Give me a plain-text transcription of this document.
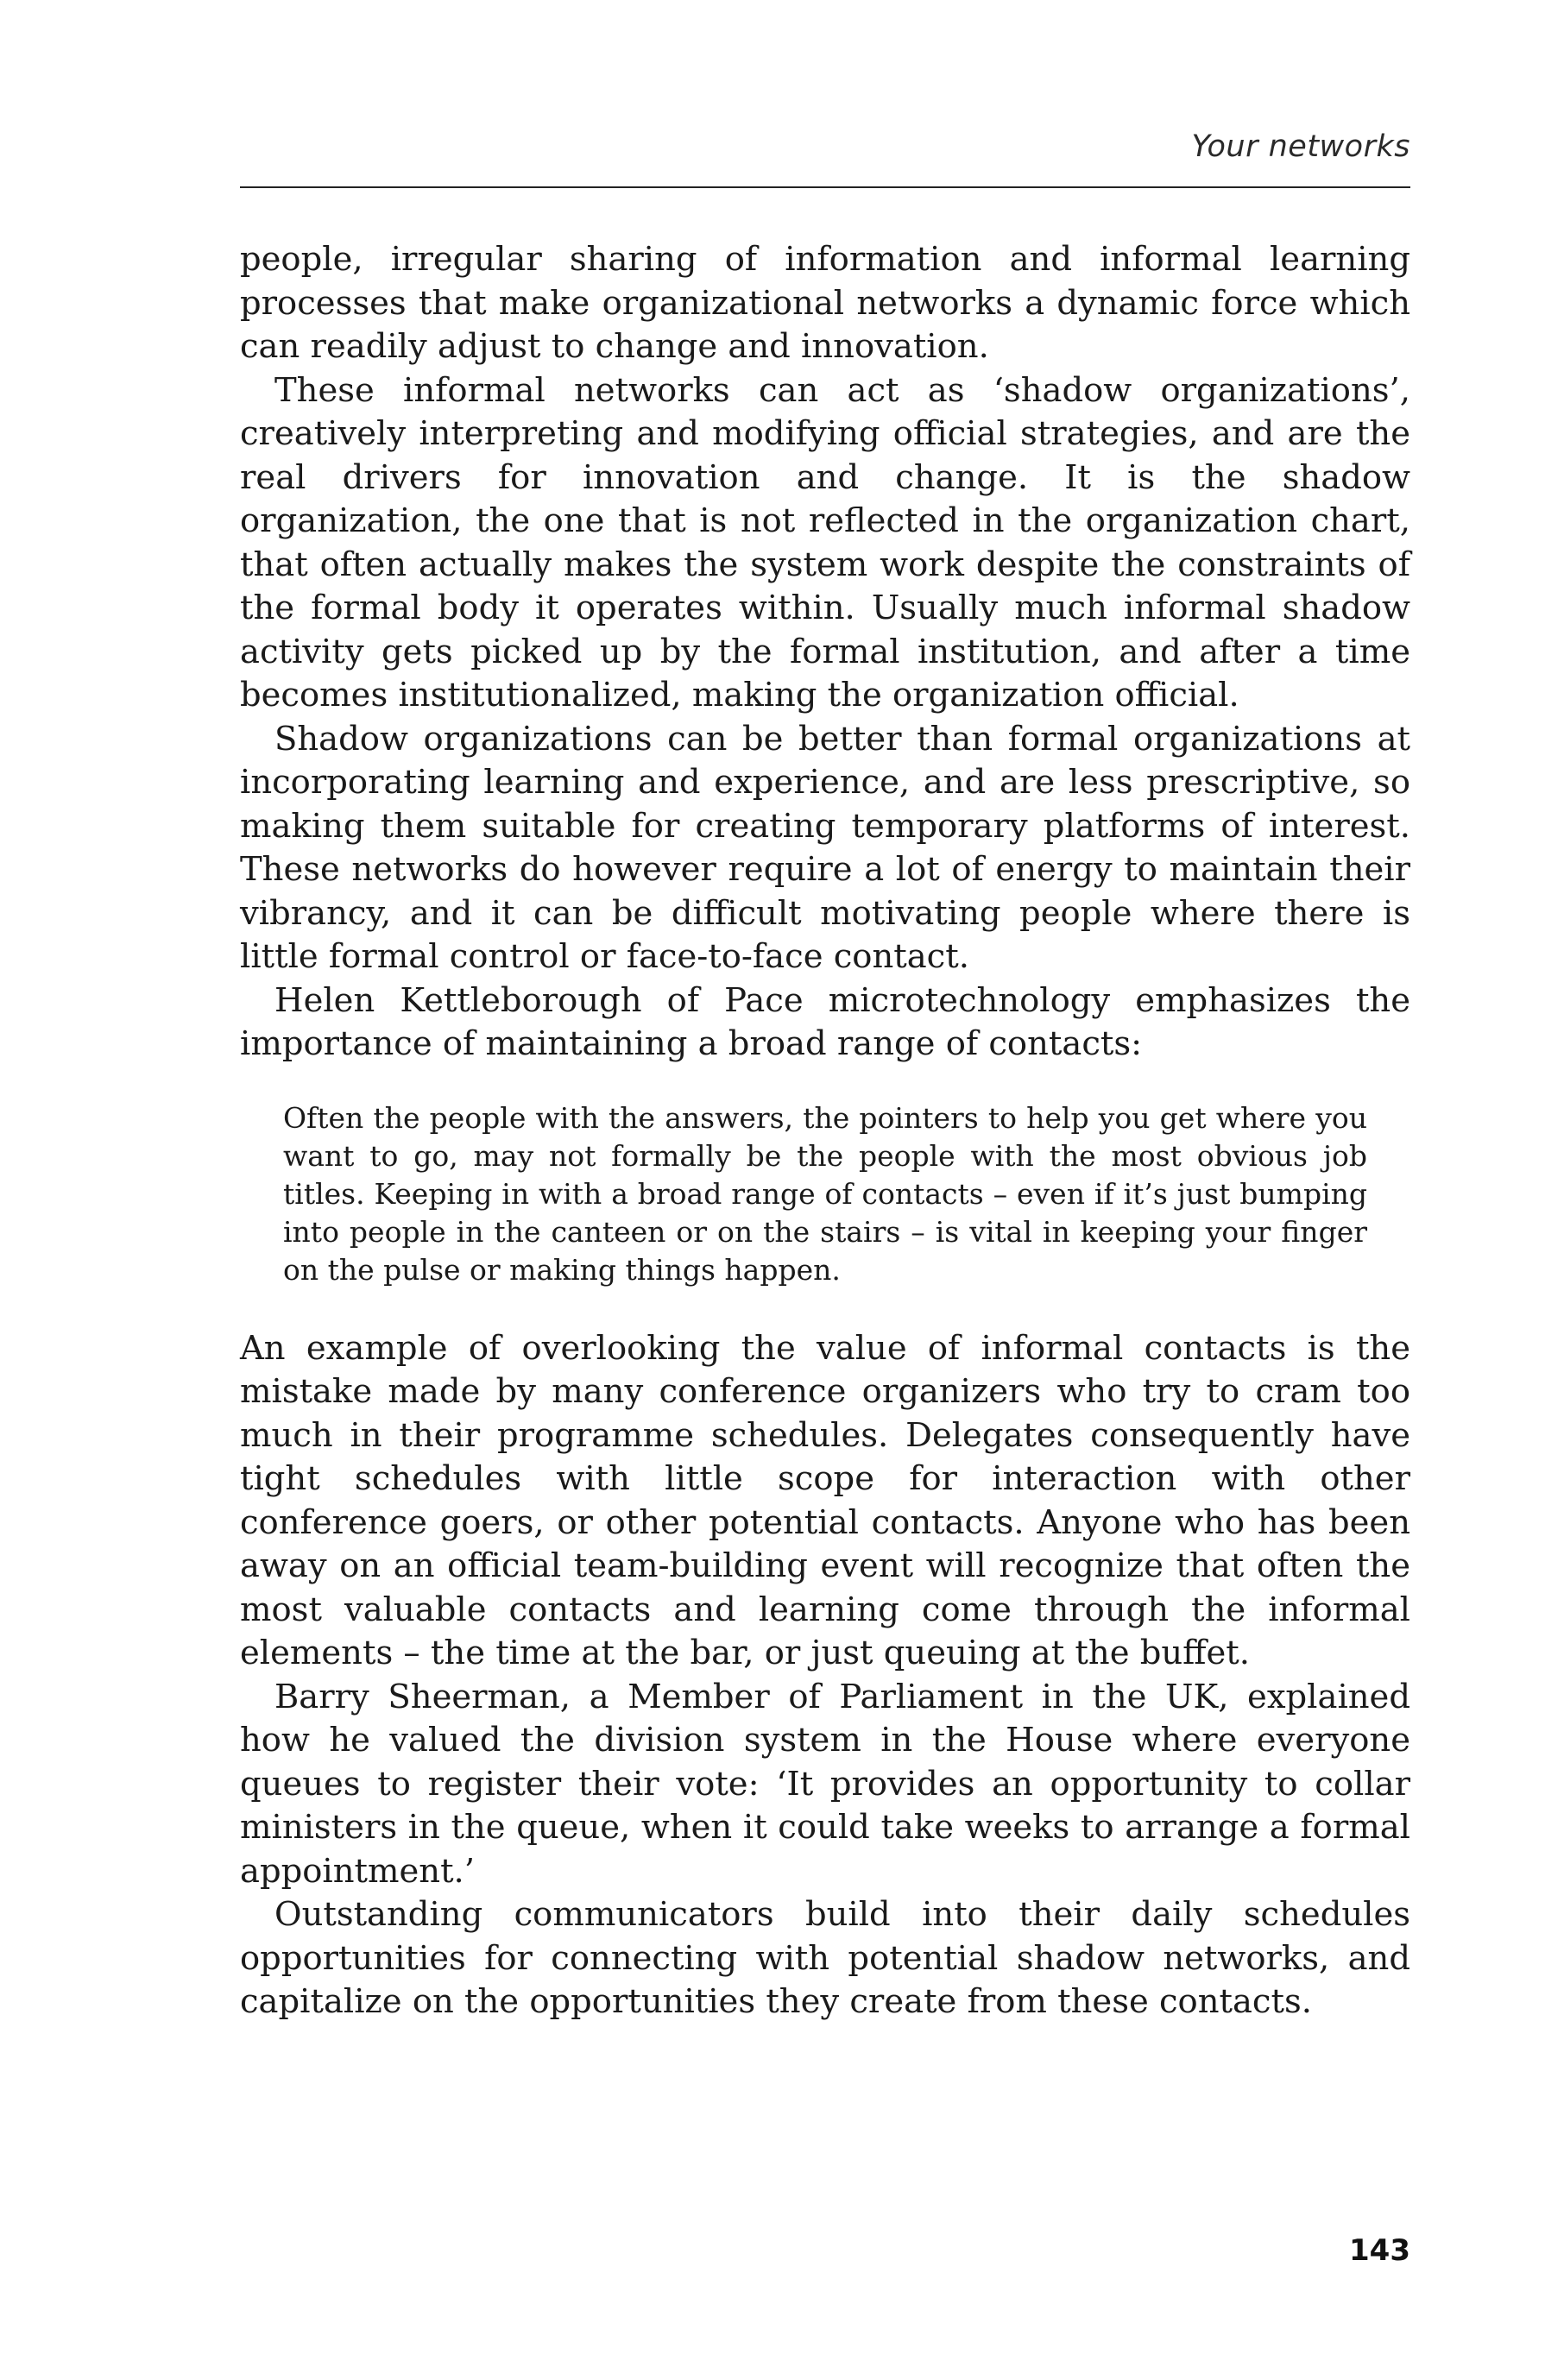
Your networks

people, irregular sharing of information and informal learning processes that make organizational networks a dynamic force which can readily adjust to change and innovation.

These informal networks can act as ‘shadow organizations’, creatively interpreting and modifying official strategies, and are the real drivers for innovation and change. It is the shadow organization, the one that is not reflected in the organization chart, that often actually makes the system work despite the constraints of the formal body it operates within. Usually much informal shadow activity gets picked up by the formal institution, and after a time becomes institutionalized, making the organization official.

Shadow organizations can be better than formal organizations at incorporating learning and experience, and are less prescriptive, so making them suitable for creating temporary platforms of interest. These networks do however require a lot of energy to maintain their vibrancy, and it can be difficult motivating people where there is little formal control or face-to-face contact.

Helen Kettleborough of Pace microtechnology emphasizes the importance of maintaining a broad range of contacts:

Often the people with the answers, the pointers to help you get where you want to go, may not formally be the people with the most obvious job titles. Keeping in with a broad range of contacts – even if it’s just bumping into people in the canteen or on the stairs – is vital in keeping your finger on the pulse or making things happen.

An example of overlooking the value of informal contacts is the mistake made by many conference organizers who try to cram too much in their programme schedules. Delegates consequently have tight schedules with little scope for interaction with other conference goers, or other potential contacts. Anyone who has been away on an official team-building event will recognize that often the most valuable contacts and learning come through the informal elements – the time at the bar, or just queuing at the buffet.

Barry Sheerman, a Member of Parliament in the UK, explained how he valued the division system in the House where everyone queues to register their vote: ‘It provides an opportunity to collar ministers in the queue, when it could take weeks to arrange a formal appointment.’

Outstanding communicators build into their daily schedules opportunities for connecting with potential shadow networks, and capitalize on the opportunities they create from these contacts.

143
